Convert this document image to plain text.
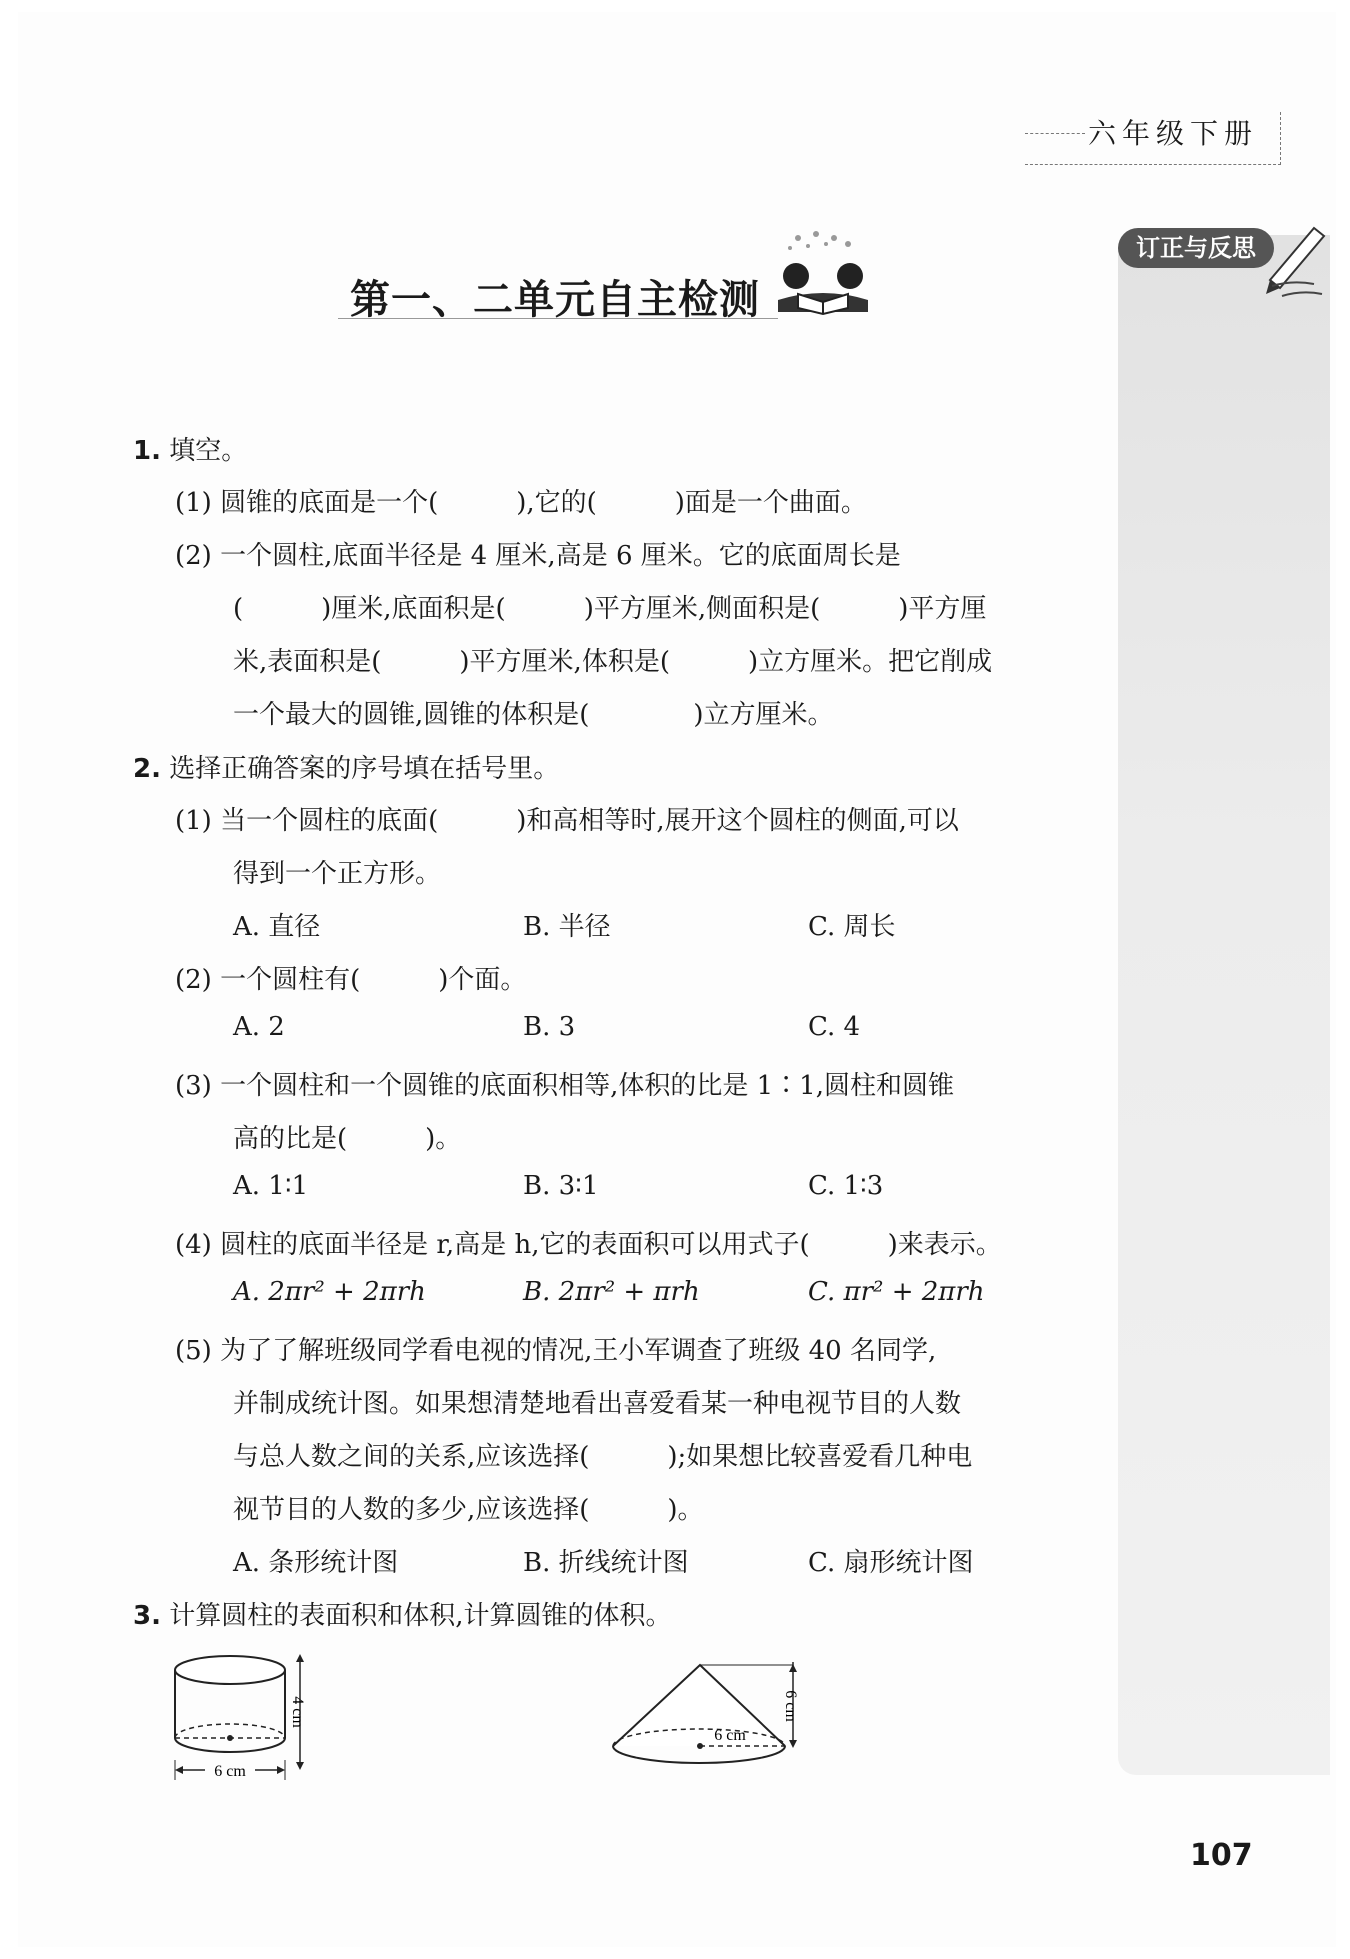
六年级下册
订正与反思
第一、二单元自主检测
1. 填空。
(1) 圆锥的底面是一个(　　　),它的(　　　)面是一个曲面。
(2) 一个圆柱,底面半径是 4 厘米,高是 6 厘米。它的底面周长是
(　　　)厘米,底面积是(　　　)平方厘米,侧面积是(　　　)平方厘
米,表面积是(　　　)平方厘米,体积是(　　　)立方厘米。把它削成
一个最大的圆锥,圆锥的体积是(　　　　)立方厘米。
2. 选择正确答案的序号填在括号里。
(1) 当一个圆柱的底面(　　　)和高相等时,展开这个圆柱的侧面,可以
得到一个正方形。
A. 直径	B. 半径	C. 周长
(2) 一个圆柱有(　　　)个面。
A. 2	B. 3	C. 4
(3) 一个圆柱和一个圆锥的底面积相等,体积的比是 1∶1,圆柱和圆锥
高的比是(　　　)。
A. 1∶1	B. 3∶1	C. 1∶3
(4) 圆柱的底面半径是 r,高是 h,它的表面积可以用式子(　　　)来表示。
A. 2πr² + 2πrh	B. 2πr² + πrh	C. πr² + 2πrh
(5) 为了了解班级同学看电视的情况,王小军调查了班级 40 名同学,
并制成统计图。如果想清楚地看出喜爱看某一种电视节目的人数
与总人数之间的关系,应该选择(　　　);如果想比较喜爱看几种电
视节目的人数的多少,应该选择(　　　)。
A. 条形统计图	B. 折线统计图	C. 扇形统计图
3. 计算圆柱的表面积和体积,计算圆锥的体积。
6 cm
4 cm
6 cm
6 cm
107
